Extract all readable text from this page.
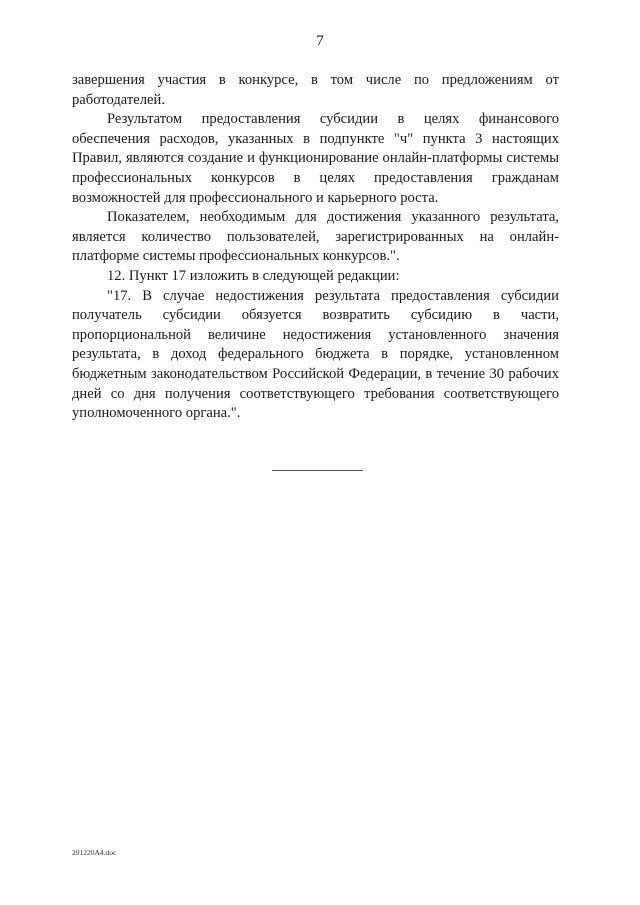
7

завершения участия в конкурсе, в том числе по предложениям от работодателей.

Результатом предоставления субсидии в целях финансового обеспечения расходов, указанных в подпункте "ч" пункта 3 настоящих Правил, являются создание и функционирование онлайн-платформы системы профессиональных конкурсов в целях предоставления гражданам возможностей для профессионального и карьерного роста.

Показателем, необходимым для достижения указанного результата, является количество пользователей, зарегистрированных на онлайн-платформе системы профессиональных конкурсов.".

12. Пункт 17 изложить в следующей редакции:

"17. В случае недостижения результата предоставления субсидии получатель субсидии обязуется возвратить субсидию в части, пропорциональной величине недостижения установленного значения результата, в доход федерального бюджета в порядке, установленном бюджетным законодательством Российской Федерации, в течение 30 рабочих дней со дня получения соответствующего требования соответствующего уполномоченного органа.".

291220A4.doc
